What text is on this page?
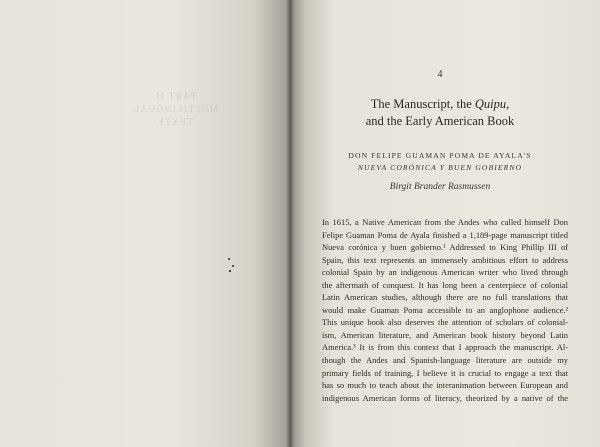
PART II
MULTILINGUAL TEXTS
4
The Manuscript, the Quipu,
and the Early American Book
DON FELIPE GUAMAN POMA DE AYALA'S
NUEVA CORÓNICA Y BUEN GOBIERNO
Birgit Brander Rasmussen
In 1615, a Native American from the Andes who called himself Don
Felipe Guaman Poma de Ayala finished a 1,189-page manuscript titled
Nueva corónica y buen gobierno.¹ Addressed to King Phillip III of
Spain, this text represents an immensely ambitious effort to address
colonial Spain by an indigenous American writer who lived through
the aftermath of conquest. It has long been a centerpiece of colonial
Latin American studies, although there are no full translations that
would make Guaman Poma accessible to an anglophone audience.²
This unique book also deserves the attention of scholars of colonial-
ism, American literature, and American book history beyond Latin
America.³ It is from this context that I approach the manuscript. Al-
though the Andes and Spanish-language literature are outside my
primary fields of training, I believe it is crucial to engage a text that
has so much to teach about the interanimation between European and
indigenous American forms of literacy, theorized by a native of the
